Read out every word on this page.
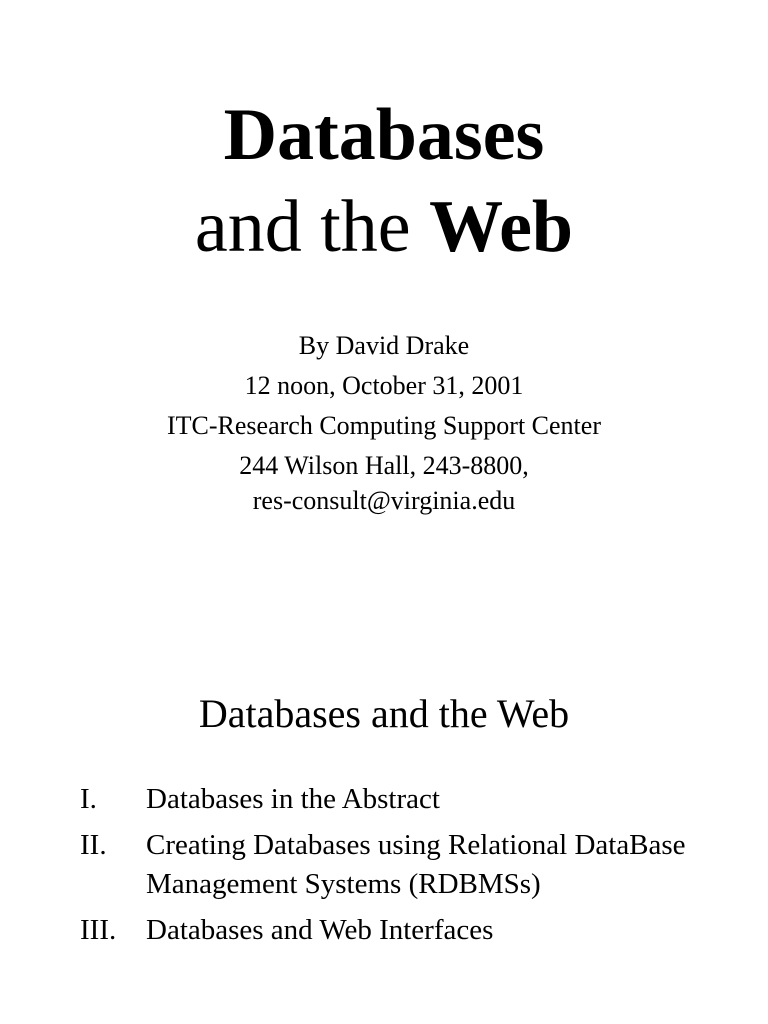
Databases

and the Web

By David Drake
12 noon, October 31, 2001
ITC-Research Computing Support Center
244 Wilson Hall, 243-8800,
res-consult@virginia.edu
Databases and the Web
I.	Databases in the Abstract
II.	Creating Databases using Relational DataBase Management Systems (RDBMSs)
III.	Databases and Web Interfaces
